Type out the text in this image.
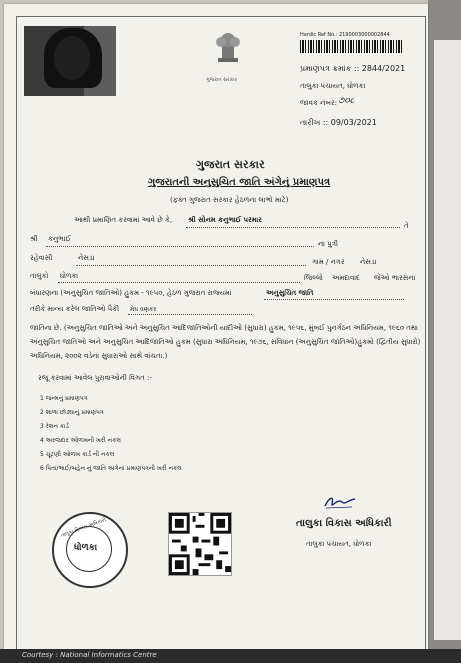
ગુજરાત સરકાર
Hardic Ref No.: 2190003000002844
પ્રમાણપત્ર ક્રમાંક :: 2844/2021
તાલુકા પંચાયત, ધોળકા
જાવક નંબર: ૭૦૮
તારીખ :: 09/03/2021
ગુજરાત સરકાર
ગુજરાતની અનુસુચિત જાતિ અંગેનું પ્રમાણપત્ર
(ફક્ત ગુજરાત સરકાર હેઠળના લાભો માટે)
આથી પ્રમાણિત કરવામાં આવે છે કે, શ્રી સોનમ કનુભાઈ પરમાર
તે
શ્રી કનુભાઈ
ના પુત્રી
રહેવાસી	નેસડા	ગામ / નગર નેસડા
તાલુકો ધોળકા	જિલ્લો અમદાવાદ જેઓ ભારસના
બંધારણના (અનુસુચિત જાતિઓ) હુકમ - ૧૯૫૦, હેઠળ ગુજરાત રાજ્યમાં	અનુસુચિત જાતિ
તરીકે માન્ય કરેલ જાતિઓ પૈકી મેઘ વણકર
જાતિના છે. (અનુસુચિત જાતિઓ અને અનુસુચિત આદિજાતિઓની યાદીઓ (સુધારા) હુકમ, ૧૯૫૬, મુંબઈ પુનર્ગઠન અધિનિયમ, ૧૯૬૦ તથા
અનુસુચિત જાતિઓ અને અનુસુચિત આદિજાતિઓ હુકમ (સુધારા અધિનિયમ, ૧૯૭૬, સંવિધાન (અનુસુચિત જાતિઓ)હુકમો (દ્વિતીય સુધારો)
અધિનિયમ, ૨૦૦૨ વડેના સુધારાઓ સાથે વાંચતા.)
રજૂ કરવામાં આવેલ પુરાવાઓની વિગત :-
1 જન્મનું પ્રમાણપત્ર
2 શાળા છોડ્યાનું પ્રમાણપત્ર
3 રેશન કાર્ડ
4 અરજદાર ઓળખની ખરી નકલ
5 ચૂંટણી ઓળખ કાર્ડ ની નકલ
6 પિતા/ભાઈ/બહેન નું જાતિ અંગેનાં પ્રમાણપત્રની ખરી નકલ
તાલુકા વિકાસ અધિકારી
ધોળકા
તાલુકા વિકાસ અધિકારી
તાલુકા પંચાયત, ધોળકા
Courtesy : National Informatics Centre
